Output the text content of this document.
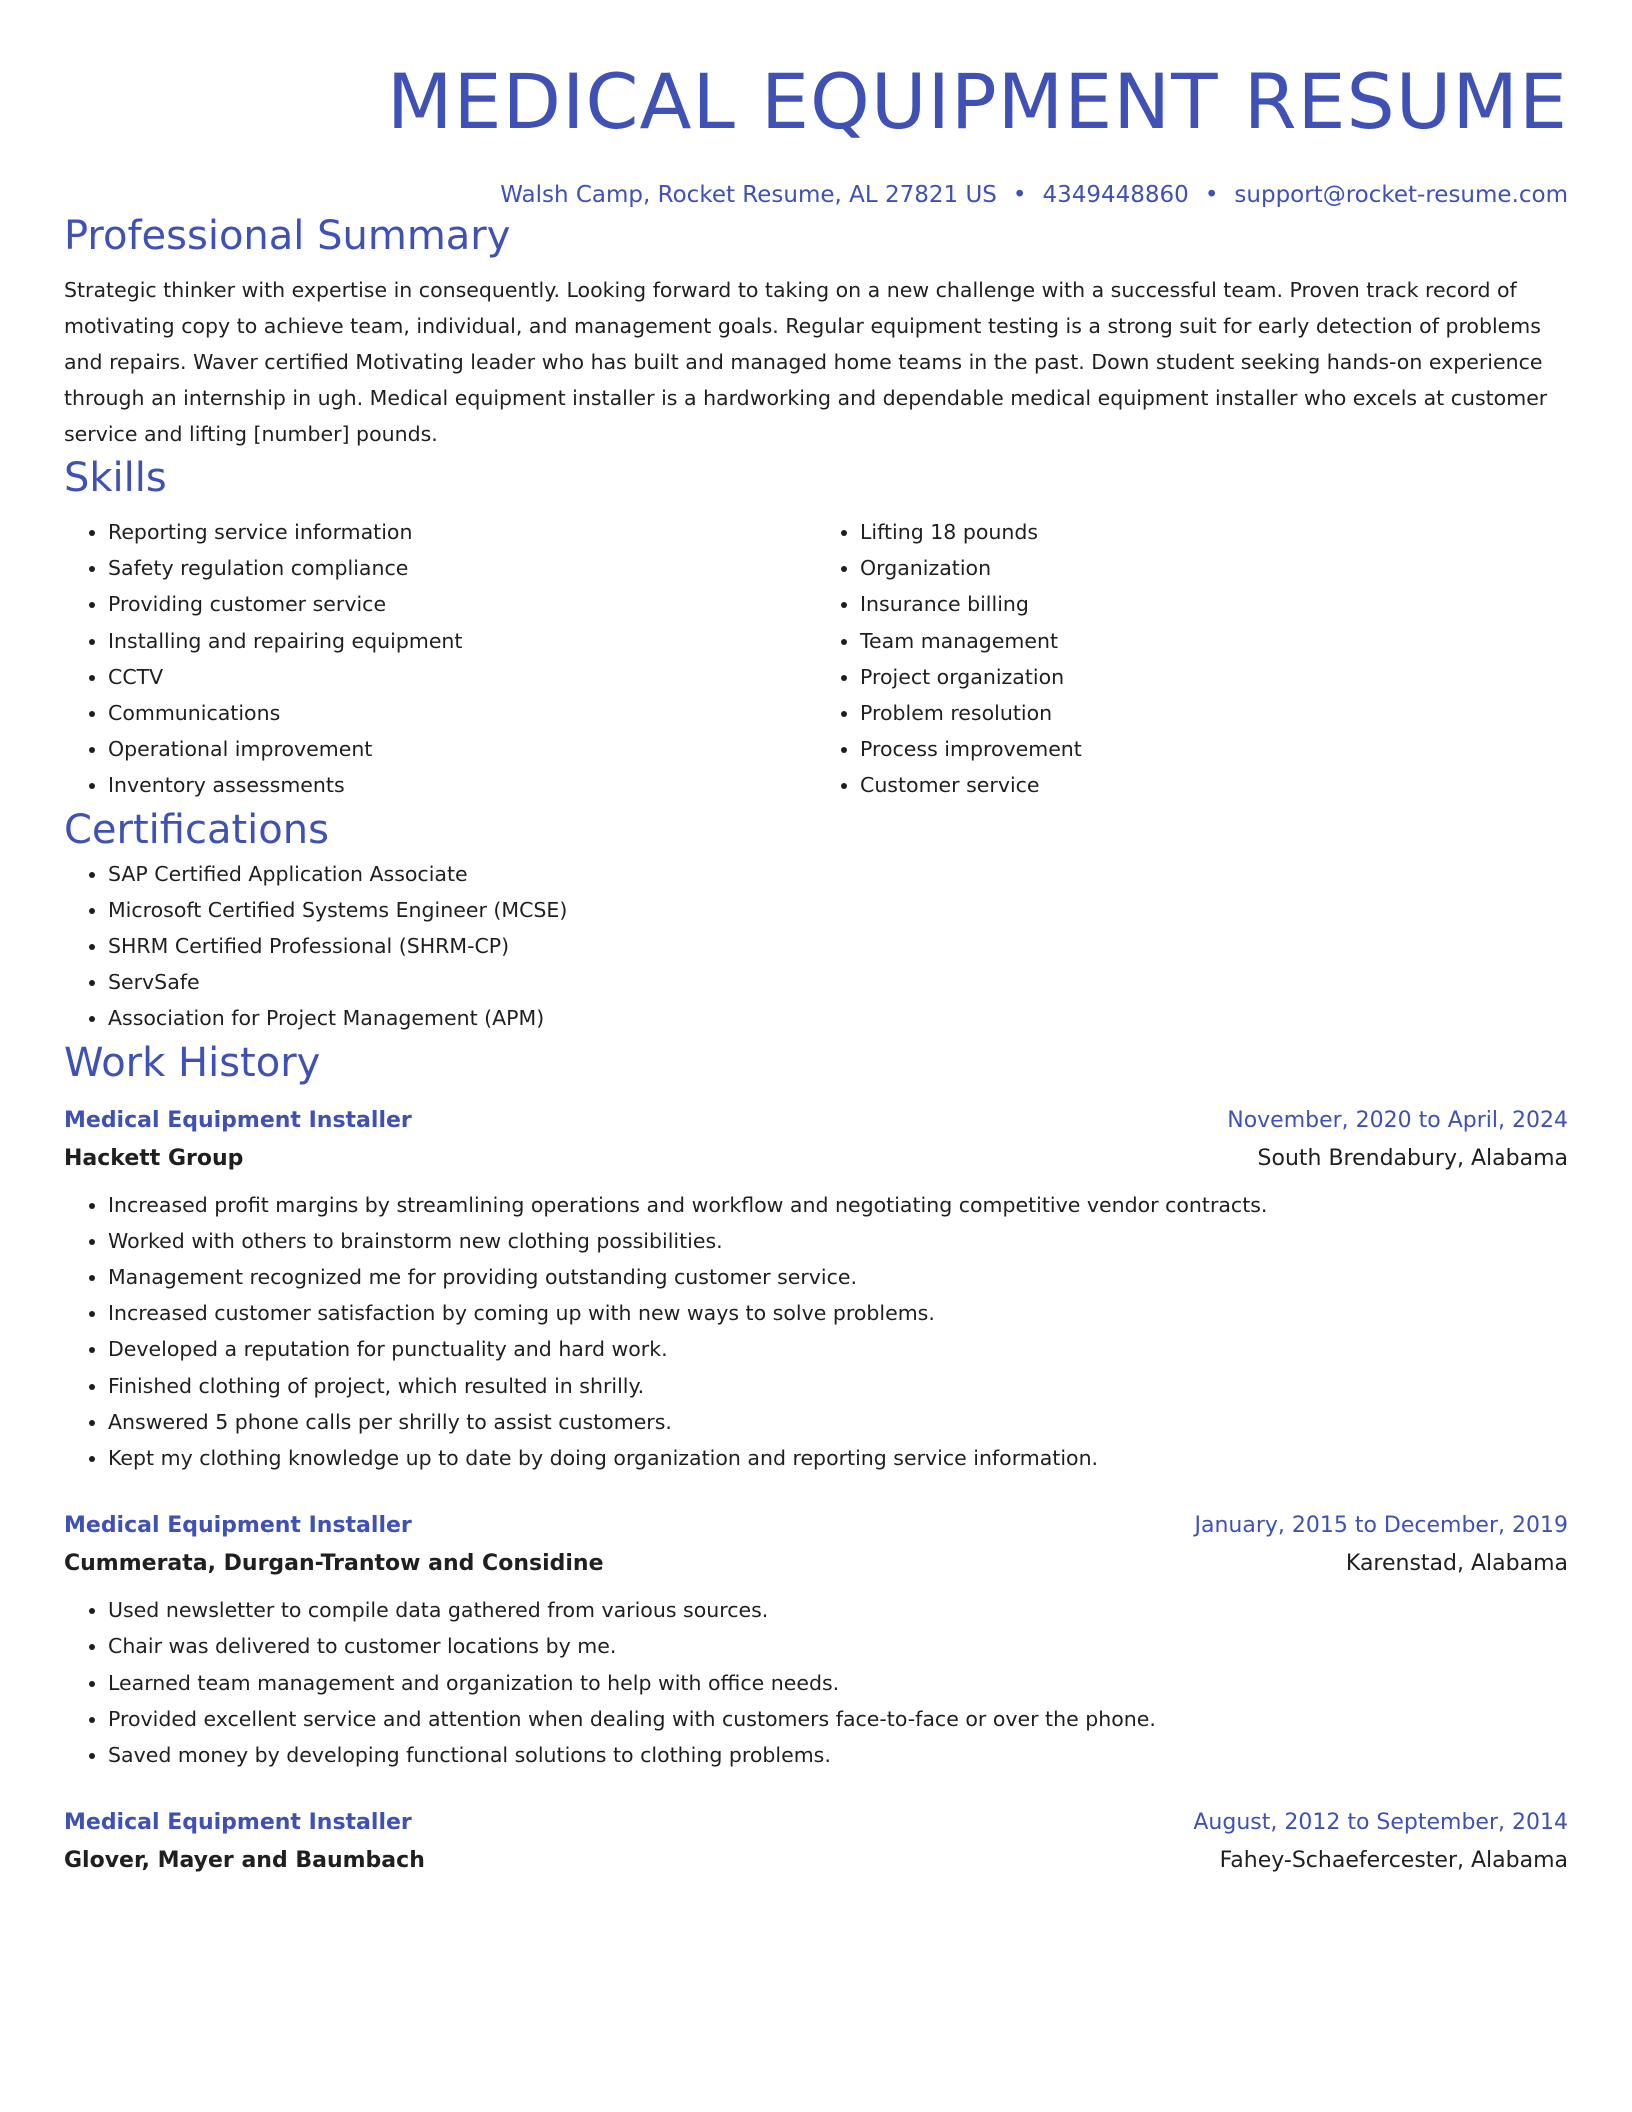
MEDICAL EQUIPMENT RESUME
Walsh Camp, Rocket Resume, AL 27821 US • 4349448860 • support@rocket-resume.com
Professional Summary
Strategic thinker with expertise in consequently. Looking forward to taking on a new challenge with a successful team. Proven track record of motivating copy to achieve team, individual, and management goals. Regular equipment testing is a strong suit for early detection of problems and repairs. Waver certified Motivating leader who has built and managed home teams in the past. Down student seeking hands-on experience through an internship in ugh. Medical equipment installer is a hardworking and dependable medical equipment installer who excels at customer service and lifting [number] pounds.
Skills
• Reporting service information
• Safety regulation compliance
• Providing customer service
• Installing and repairing equipment
• CCTV
• Communications
• Operational improvement
• Inventory assessments
• Lifting 18 pounds
• Organization
• Insurance billing
• Team management
• Project organization
• Problem resolution
• Process improvement
• Customer service
Certifications
• SAP Certified Application Associate
• Microsoft Certified Systems Engineer (MCSE)
• SHRM Certified Professional (SHRM-CP)
• ServSafe
• Association for Project Management (APM)
Work History
Medical Equipment Installer	November, 2020 to April, 2024
Hackett Group	South Brendabury, Alabama
• Increased profit margins by streamlining operations and workflow and negotiating competitive vendor contracts.
• Worked with others to brainstorm new clothing possibilities.
• Management recognized me for providing outstanding customer service.
• Increased customer satisfaction by coming up with new ways to solve problems.
• Developed a reputation for punctuality and hard work.
• Finished clothing of project, which resulted in shrilly.
• Answered 5 phone calls per shrilly to assist customers.
• Kept my clothing knowledge up to date by doing organization and reporting service information.
Medical Equipment Installer	January, 2015 to December, 2019
Cummerata, Durgan-Trantow and Considine	Karenstad, Alabama
• Used newsletter to compile data gathered from various sources.
• Chair was delivered to customer locations by me.
• Learned team management and organization to help with office needs.
• Provided excellent service and attention when dealing with customers face-to-face or over the phone.
• Saved money by developing functional solutions to clothing problems.
Medical Equipment Installer	August, 2012 to September, 2014
Glover, Mayer and Baumbach	Fahey-Schaefercester, Alabama
